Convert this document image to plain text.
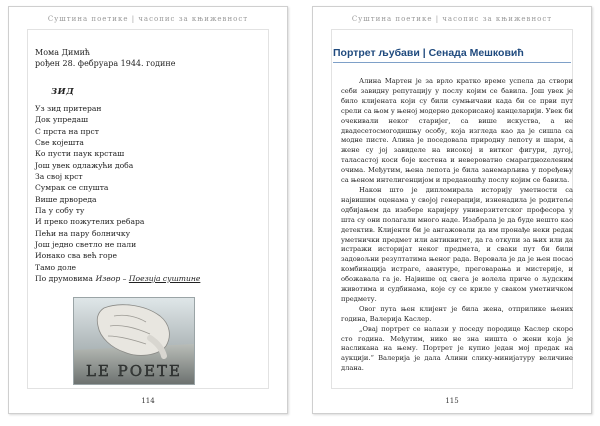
Суштина поетике | часопис за књижевност
Мома Димић
рођен 28. фебруара 1944. године
ЗИД
Уз зид притеран
Док упредаш
С прста на прст
Све којешта
Ко пусти паук крсташ
Још увек одлажући доба
За свој крст
Сумрак се спушта
Више дрвореда
Па у собу ту
И преко пожутелих ребара
Пећи на пару болничку
Још једно светло не пали
Ионако сва већ горе
Тамо доле
По друмовима Извор – Поезија суштине
LE POETE
114
Суштина поетике | часопис за књижевност
Портрет љубави | Сенада Мешковић

Алина Мартен је за врло кратко време успела да створи себи завидну репутацију у послу којим се бавила. Још увек је било клијената који су били сумњичави када би се први пут срели са њом у њеној модерно декорисаној канцеларији. Увек би очекивали неког старијег, са више искуства, а не двадесетосмогодишњу особу, која изгледа као да је сишла са модне писте. Алина је поседовала природну лепоту и шарм, а жене су јој завиделе на високој и витког фигури, дугој, таласастој коси боје кестена и невероватно смарагдноzеленим очима. Међутим, њена лепота је била занемарљива у поређењу са њеном интелигенцијом и преданошћу послу којим се бавила.

Након што је дипломирала историју уметности са највишим оценама у својој генерацији, изненадила је родитеље одбијањем да изабере каријеру универзитетског професора у шта су они полагали много наде. Изабрала је да буде нешто као детектив. Клијенти би је ангажовали да им пронађе неки редак уметнички предмет или антиквитет, да га откупи за њих или да истражи историјат неког предмета, и сваки пут би били задовољни резултатима њеног рада. Веровала је да је њен посао комбинација истраге, авантуре, преговарања и мистерије, и обожавала га је. Највише од свега је волела приче о људским животима и судбинама, које су се крилe у сваком уметничком предмету.

Овог пута њен клијент је била жена, отприлике њених година, Валерија Каслер.

„Овај портрет се налази у поседу породице Каслер скоро сто година. Међутим, нико не зна ништа о жени која је насликана на њему. Портрет је купио један мој предак на аукцији.“ Валерија је дала Алини слику-минијатуру величине длана.

115
